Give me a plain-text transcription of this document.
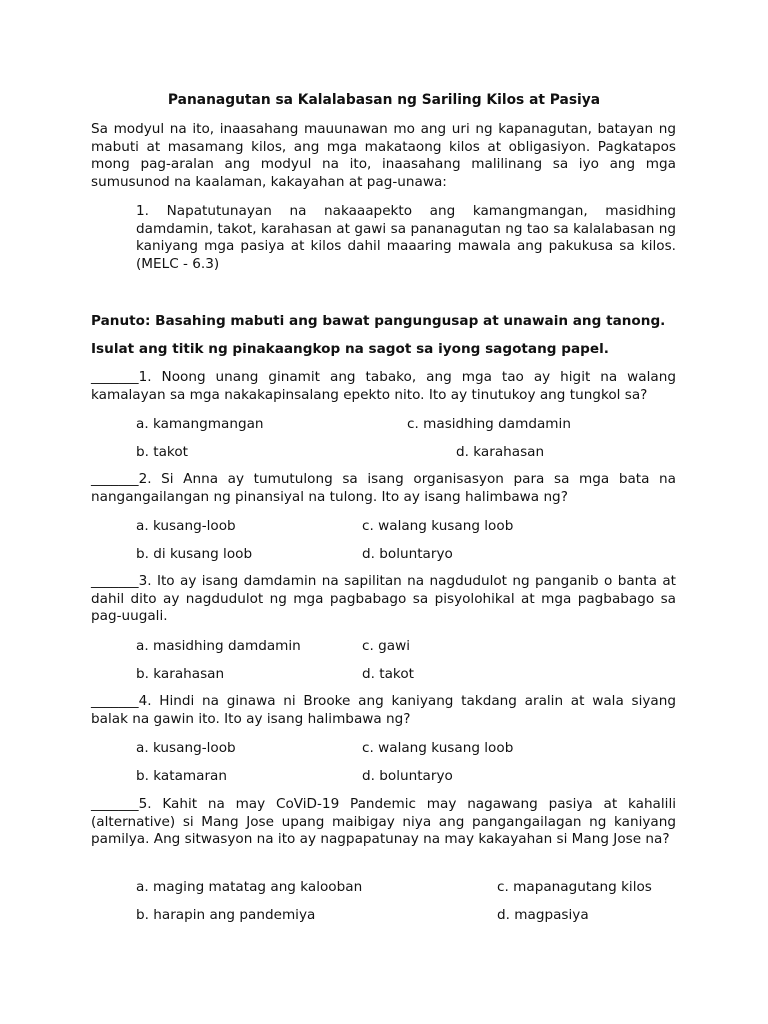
Pananagutan sa Kalalabasan ng Sariling Kilos at Pasiya
Sa modyul na ito, inaasahang mauunawan mo ang uri ng kapanagutan, batayan ng mabuti at masamang kilos, ang mga makataong kilos at obligasiyon. Pagkatapos mong pag-aralan ang modyul na ito, inaasahang malilinang sa iyo ang mga sumusunod na kaalaman, kakayahan at pag-unawa:
1. Napatutunayan na nakaaapekto ang kamangmangan, masidhing damdamin, takot, karahasan at gawi sa pananagutan ng tao sa kalalabasan ng kaniyang mga pasiya at kilos dahil maaaring mawala ang pakukusa sa kilos. (MELC - 6.3)
Panuto: Basahing mabuti ang bawat pangungusap at unawain ang tanong.
Isulat ang titik ng pinakaangkop na sagot sa iyong sagotang papel.
_______1. Noong unang ginamit ang tabako, ang mga tao ay higit na walang kamalayan sa mga nakakapinsalang epekto nito. Ito ay tinutukoy ang tungkol sa?
a. kamangmangan	c. masidhing damdamin
b. takot	d. karahasan
_______2. Si Anna ay tumutulong sa isang organisasyon para sa mga bata na nangangailangan ng pinansiyal na tulong. Ito ay isang halimbawa ng?
a. kusang-loob	c. walang kusang loob
b. di kusang loob	d. boluntaryo
_______3. Ito ay isang damdamin na sapilitan na nagdudulot ng panganib o banta at dahil dito ay nagdudulot ng mga pagbabago sa pisyolohikal at mga pagbabago sa pag-uugali.
a. masidhing damdamin	c. gawi
b. karahasan	d. takot
_______4. Hindi na ginawa ni Brooke ang kaniyang takdang aralin at wala siyang balak na gawin ito. Ito ay isang halimbawa ng?
a. kusang-loob	c. walang kusang loob
b. katamaran	d. boluntaryo
_______5. Kahit na may CoViD-19 Pandemic may nagawang pasiya at kahalili (alternative) si Mang Jose upang maibigay niya ang pangangailagan ng kaniyang pamilya. Ang sitwasyon na ito ay nagpapatunay na may kakayahan si Mang Jose na?
a. maging matatag ang kalooban	c. mapanagutang kilos
b. harapin ang pandemiya	d. magpasiya
